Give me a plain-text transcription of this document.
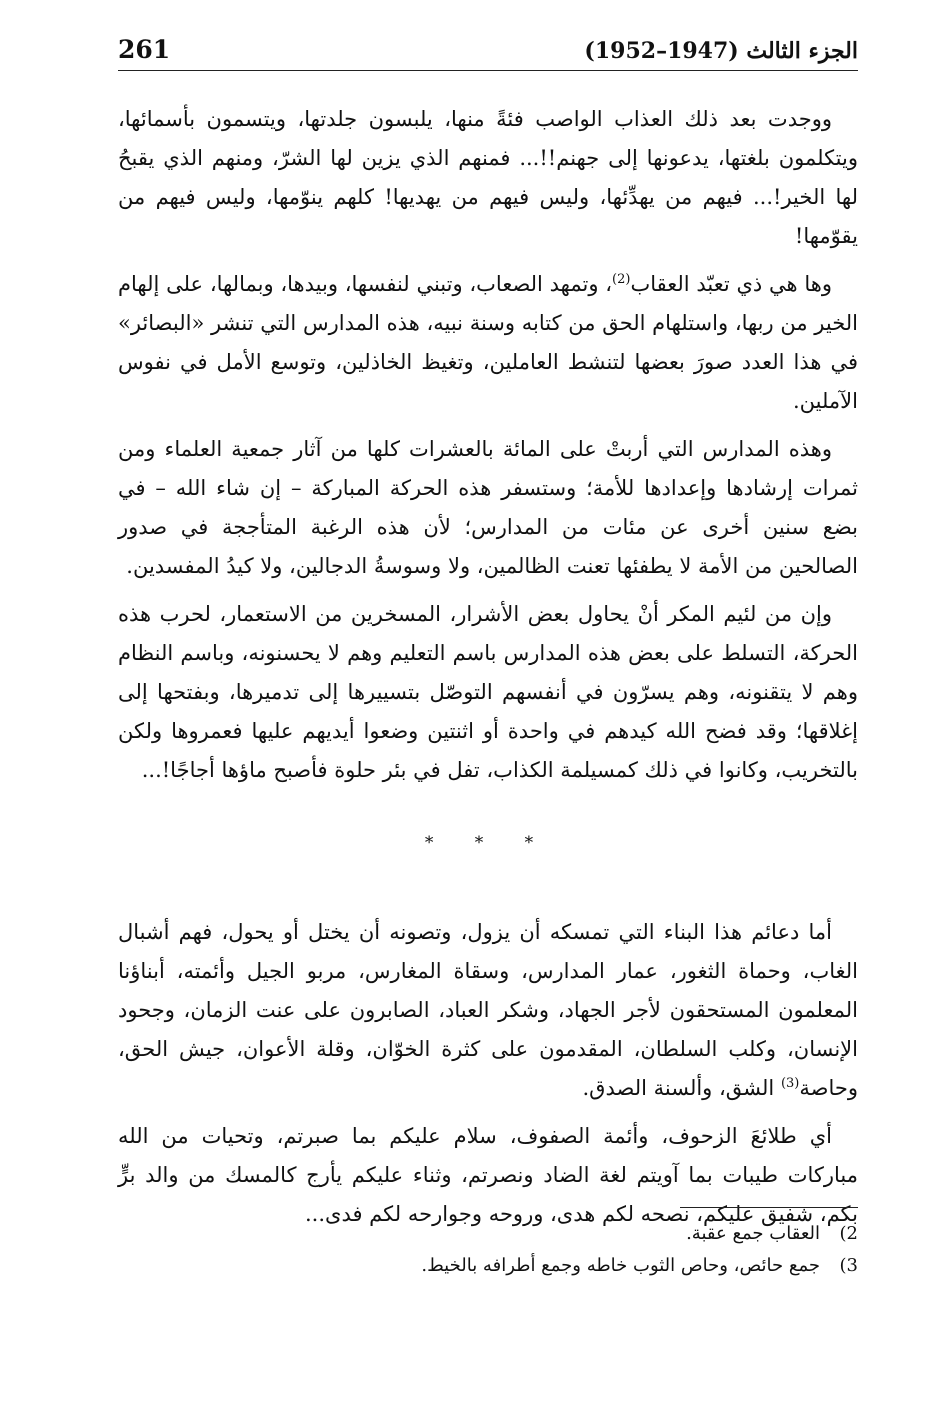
261	الجزء الثالث (1947–1952)

ووجدت بعد ذلك العذاب الواصب فئةً منها، يلبسون جلدتها، ويتسمون بأسمائها، ويتكلمون بلغتها، يدعونها إلى جهنم!!... فمنهم الذي يزين لها الشرّ، ومنهم الذي يقبحُ لها الخير!... فيهم من يهدِّئها، وليس فيهم من يهديها! كلهم ينوّمها، وليس فيهم من يقوّمها!

وها هي ذي تعبّد العقاب$^{(2)}$، وتمهد الصعاب، وتبني لنفسها، وبيدها، وبمالها، على إلهام الخير من ربها، واستلهام الحق من كتابه وسنة نبيه، هذه المدارس التي تنشر «البصائر» في هذا العدد صورَ بعضها لتنشط العاملين، وتغيظ الخاذلين، وتوسع الأمل في نفوس الآملين.

وهذه المدارس التي أربتْ على المائة بالعشرات كلها من آثار جمعية العلماء ومن ثمرات إرشادها وإعدادها للأمة؛ وستسفر هذه الحركة المباركة – إن شاء الله – في بضع سنين أخرى عن مئات من المدارس؛ لأن هذه الرغبة المتأججة في صدور الصالحين من الأمة لا يطفئها تعنت الظالمين، ولا وسوسةُ الدجالين، ولا كيدُ المفسدين.

وإن من لئيم المكر أنْ يحاول بعض الأشرار، المسخرين من الاستعمار، لحرب هذه الحركة، التسلط على بعض هذه المدارس باسم التعليم وهم لا يحسنونه، وباسم النظام وهم لا يتقنونه، وهم يسرّون في أنفسهم التوصّل بتسييرها إلى تدميرها، وبفتحها إلى إغلاقها؛ وقد فضح الله كيدهم في واحدة أو اثنتين وضعوا أيديهم عليها فعمروها ولكن بالتخريب، وكانوا في ذلك كمسيلمة الكذاب، تفل في بئر حلوة فأصبح ماؤها أجاجًا!...

* * *

أما دعائم هذا البناء التي تمسكه أن يزول، وتصونه أن يختل أو يحول، فهم أشبال الغاب، وحماة الثغور، عمار المدارس، وسقاة المغارس، مربو الجيل وأئمته، أبناؤنا المعلمون المستحقون لأجر الجهاد، وشكر العباد، الصابرون على عنت الزمان، وجحود الإنسان، وكلب السلطان، المقدمون على كثرة الخوّان، وقلة الأعوان، جيش الحق، وحاصة$^{(3)}$ الشق، وألسنة الصدق.

أي طلائعَ الزحوف، وأئمة الصفوف، سلام عليكم بما صبرتم، وتحيات من الله مباركات طيبات بما آويتم لغة الضاد ونصرتم، وثناء عليكم يأرج كالمسك من والد برٍّ بكم، شفيق عليكم، نصحه لكم هدى، وروحه وجوارحه لكم فدى...

2)
العقاب جمع عقبة.
3)
جمع حائص، وحاص الثوب خاطه وجمع أطرافه بالخيط.
